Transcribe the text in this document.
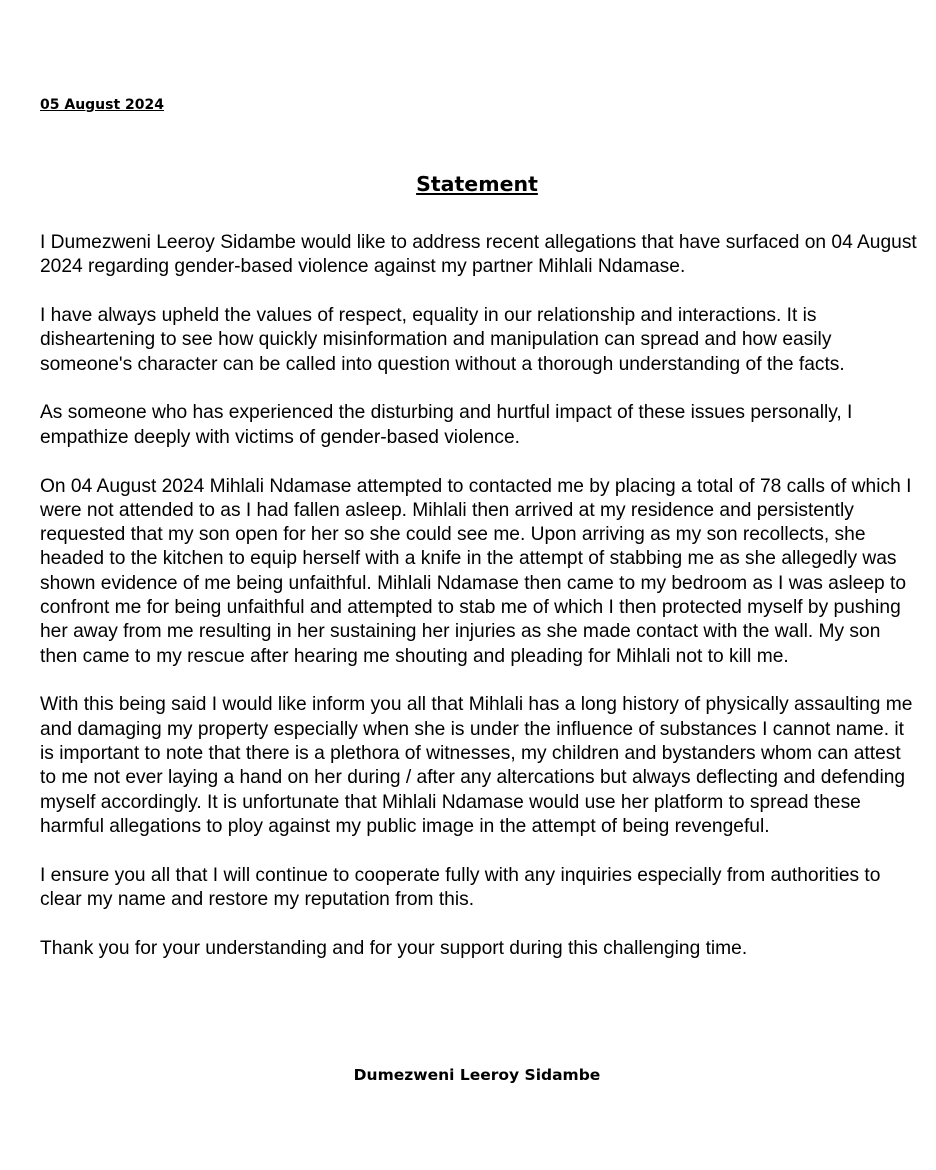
05 August 2024
Statement

I Dumezweni Leeroy Sidambe would like to address recent allegations that have surfaced on 04 August 2024 regarding gender-based violence against my partner Mihlali Ndamase.

I have always upheld the values of respect, equality in our relationship and interactions. It is disheartening to see how quickly misinformation and manipulation can spread and how easily someone's character can be called into question without a thorough understanding of the facts.

As someone who has experienced the disturbing and hurtful impact of these issues personally, I empathize deeply with victims of gender-based violence.

On 04 August 2024 Mihlali Ndamase attempted to contacted me by placing a total of 78 calls of which I were not attended to as I had fallen asleep. Mihlali then arrived at my residence and persistently requested that my son open for her so she could see me. Upon arriving as my son recollects, she headed to the kitchen to equip herself with a knife in the attempt of stabbing me as she allegedly was shown evidence of me being unfaithful. Mihlali Ndamase then came to my bedroom as I was asleep to confront me for being unfaithful and attempted to stab me of which I then protected myself by pushing her away from me resulting in her sustaining her injuries as she made contact with the wall. My son then came to my rescue after hearing me shouting and pleading for Mihlali not to kill me.

With this being said I would like inform you all that Mihlali has a long history of physically assaulting me and damaging my property especially when she is under the influence of substances I cannot name. it is important to note that there is a plethora of witnesses, my children and bystanders whom can attest to me not ever laying a hand on her during / after any altercations but always deflecting and defending myself accordingly. It is unfortunate that Mihlali Ndamase would use her platform to spread these harmful allegations to ploy against my public image in the attempt of being revengeful.

I ensure you all that I will continue to cooperate fully with any inquiries especially from authorities to clear my name and restore my reputation from this.

Thank you for your understanding and for your support during this challenging time.

Dumezweni Leeroy Sidambe
